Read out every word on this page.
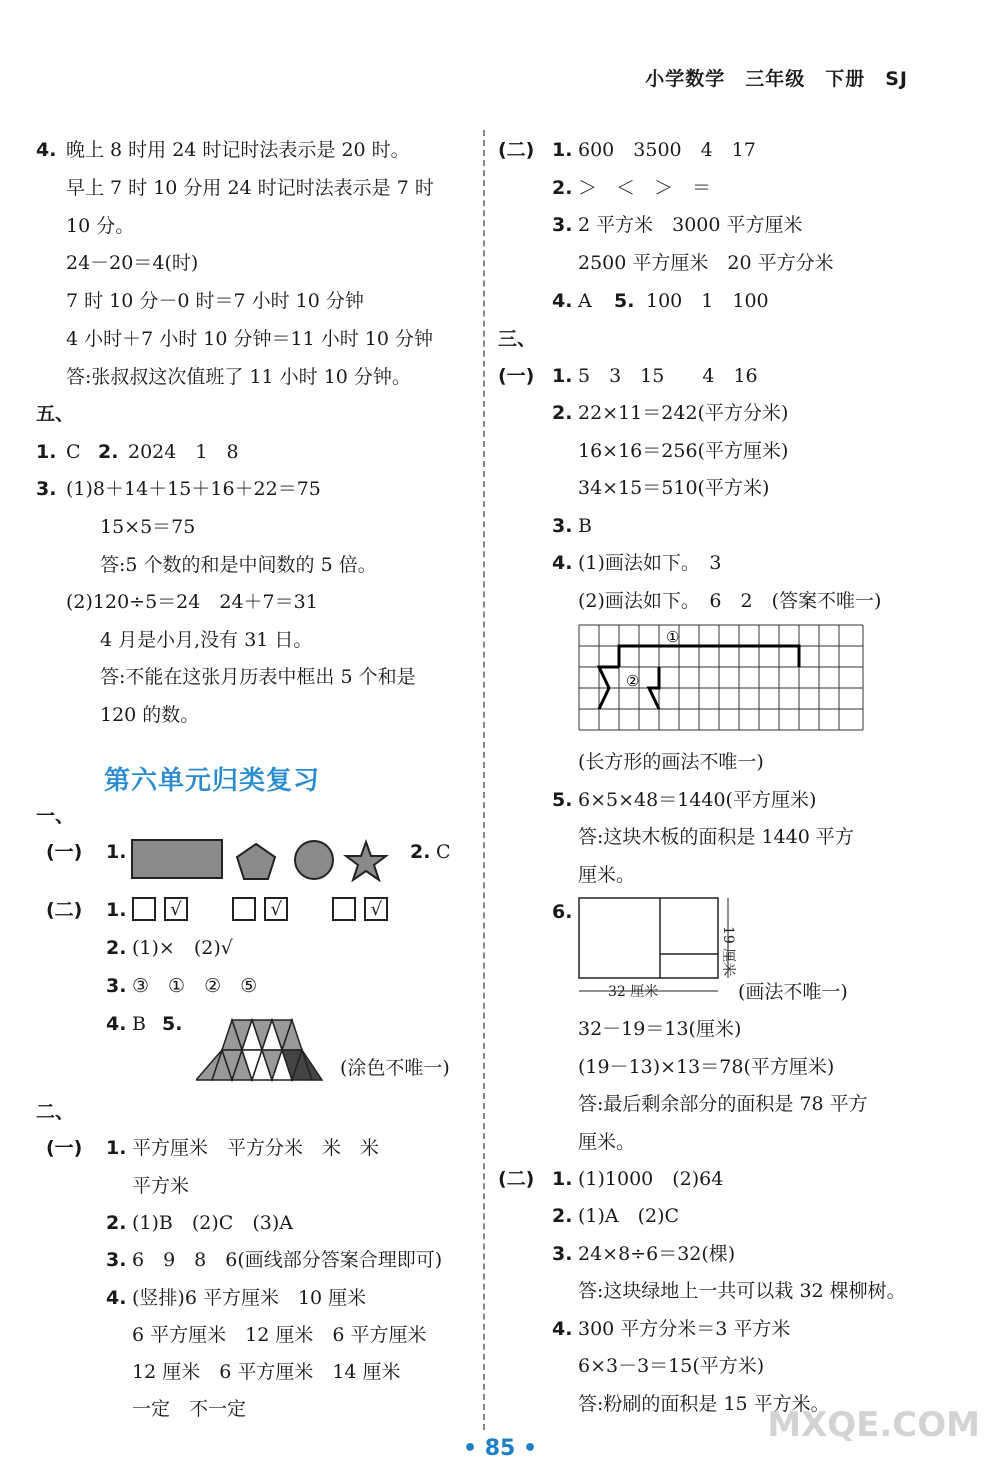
小学数学　三年级　下册　SJ
4. 晚上 8 时用 24 时记时法表示是 20 时。
早上 7 时 10 分用 24 时记时法表示是 7 时
10 分。
24－20＝4(时)
7 时 10 分－0 时＝7 小时 10 分钟
4 小时＋7 小时 10 分钟＝11 小时 10 分钟
答:张叔叔这次值班了 11 小时 10 分钟。
五、
1. C 2. 2024　1　8
3. (1)8＋14＋15＋16＋22＝75
15×5＝75
答:5 个数的和是中间数的 5 倍。
(2)120÷5＝24　24＋7＝31
4 月是小月,没有 31 日。
答:不能在这张月历表中框出 5 个和是
120 的数。
第六单元归类复习
一、
(一) 1.	2. C
(二) 1.	√	√	√
2. (1)×　(2)√
3. ③　①　②　⑤
4. B 5.
(涂色不唯一)
二、
(一) 1. 平方厘米　平方分米　米　米
平方米
2. (1)B　(2)C　(3)A
3. 6　9　8　6(画线部分答案合理即可)
4. (竖排)6 平方厘米　10 厘米
6 平方厘米　12 厘米　6 平方厘米
12 厘米　6 平方厘米　14 厘米
一定　不一定
(二) 1. 600　3500　4　17
2. ＞　＜　＞　＝
3. 2 平方米　3000 平方厘米
2500 平方厘米　20 平方分米
4. A 5. 100　1　100
三、
(一) 1. 5　3　15　　4　16
2. 22×11＝242(平方分米)
16×16＝256(平方厘米)
34×15＝510(平方米)
3. B
4. (1)画法如下。　3
(2)画法如下。　6　2　(答案不唯一)
①
②
(长方形的画法不唯一)
5. 6×5×48＝1440(平方厘米)
答:这块木板的面积是 1440 平方
厘米。
6.
32 厘米
19 厘米
(画法不唯一)
32－19＝13(厘米)
(19－13)×13＝78(平方厘米)
答:最后剩余部分的面积是 78 平方
厘米。
(二) 1. (1)1000　(2)64
2. (1)A　(2)C
3. 24×8÷6＝32(棵)
答:这块绿地上一共可以栽 32 棵柳树。
4. 300 平方分米＝3 平方米
6×3－3＝15(平方米)
答:粉刷的面积是 15 平方米。
MXQE.COM
• 85 •
